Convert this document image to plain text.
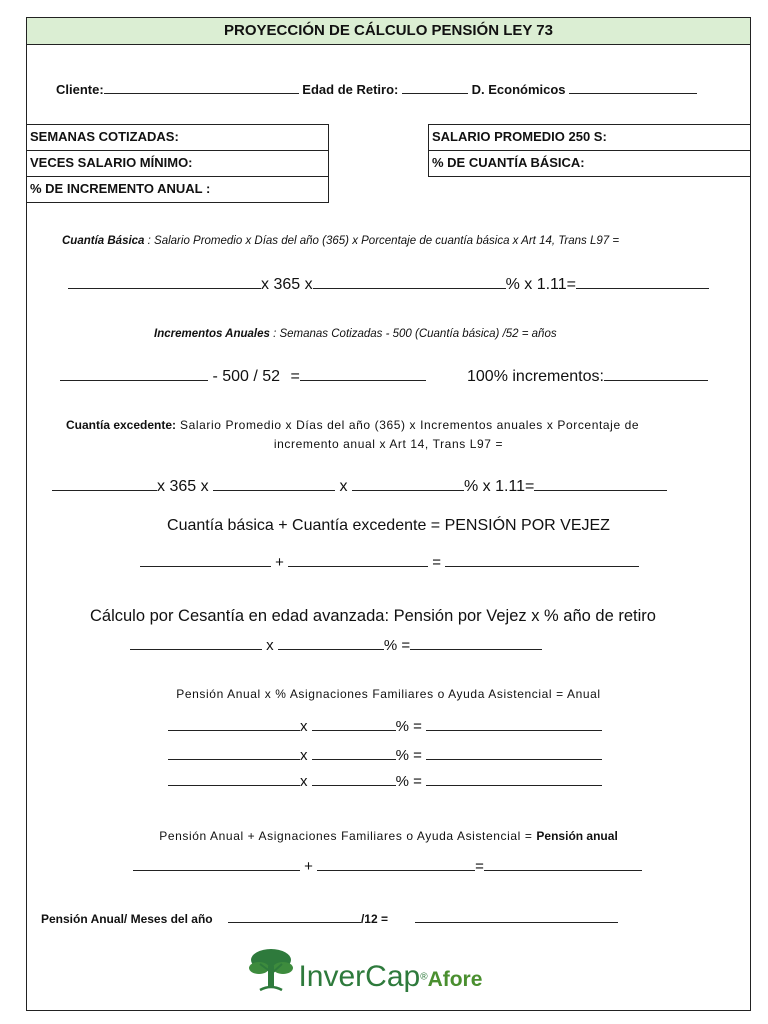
PROYECCIÓN DE CÁLCULO PENSIÓN LEY 73
Cliente:	Edad de Retiro:	D. Económicos
SEMANAS COTIZADAS:
VECES SALARIO MÍNIMO:
% DE INCREMENTO ANUAL :
SALARIO PROMEDIO 250 S:
% DE CUANTÍA BÁSICA:
Cuantía Básica : Salario Promedio x Días del año (365) x Porcentaje de cuantía básica x Art 14, Trans L97 =
x 365 x	% x 1.11=
Incrementos Anuales : Semanas Cotizadas - 500 (Cuantía básica) /52 = años
- 500 / 52 =	100% incrementos:
Cuantía excedente: Salario Promedio x Días del año (365) x Incrementos anuales x Porcentaje de
incremento anual x Art 14, Trans L97 =
x 365 x	x	% x 1.11=
Cuantía básica + Cuantía excedente = PENSIÓN POR VEJEZ
+	=
Cálculo por Cesantía en edad avanzada: Pensión por Vejez x % año de retiro
x	% =
Pensión Anual x % Asignaciones Familiares o Ayuda Asistencial = Anual
x	% =
x	% =
x	% =
Pensión Anual + Asignaciones Familiares o Ayuda Asistencial = Pensión anual
+	=
Pensión Anual/ Meses del año	/12 =
InverCap®Afore
